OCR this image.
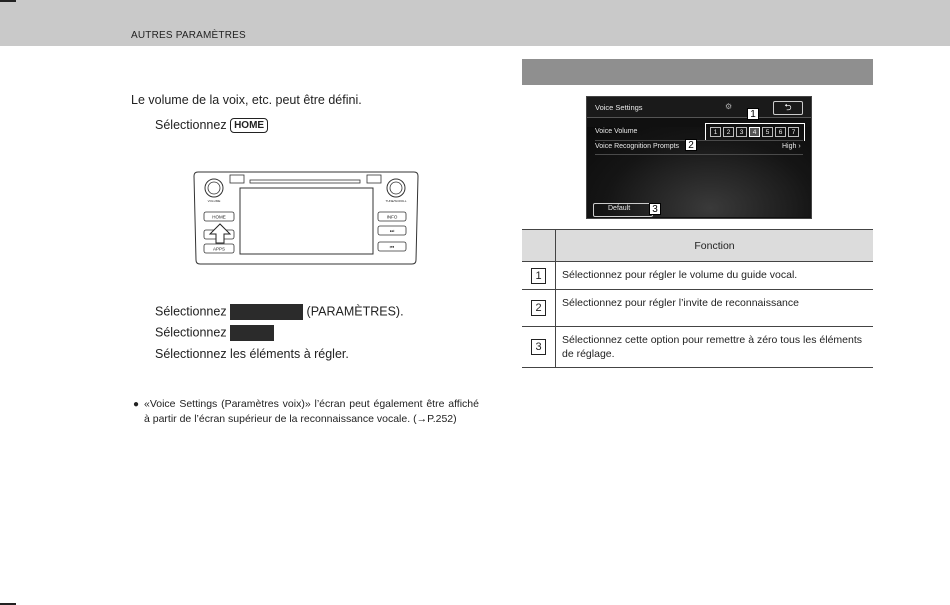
AUTRES PARAMÈTRES
Le volume de la voix, etc. peut être défini.
Sélectionnez HOME
HOME
APPS
INFO
VOLUME	TUNE/SCROLL
⏭
⏮
Sélectionnez	(PARAMÈTRES).
Sélectionnez
Sélectionnez les éléments à régler.
● «Voice Settings (Paramètres voix)» l’écran peut également être affiché à partir de l’écran supérieur de la reconnaissance vocale. (→P.252)
Voice Settings	⚙	⮌
Voice Volume	1	2	3	4	5	6	7
Voice Recognition Prompts	High ›
Default
1
2
3
	Fonction
1	Sélectionnez pour régler le volume du guide vocal.
2	Sélectionnez pour régler l’invite de reconnaissance
3	Sélectionnez cette option pour remettre à zéro tous les éléments de réglage.
